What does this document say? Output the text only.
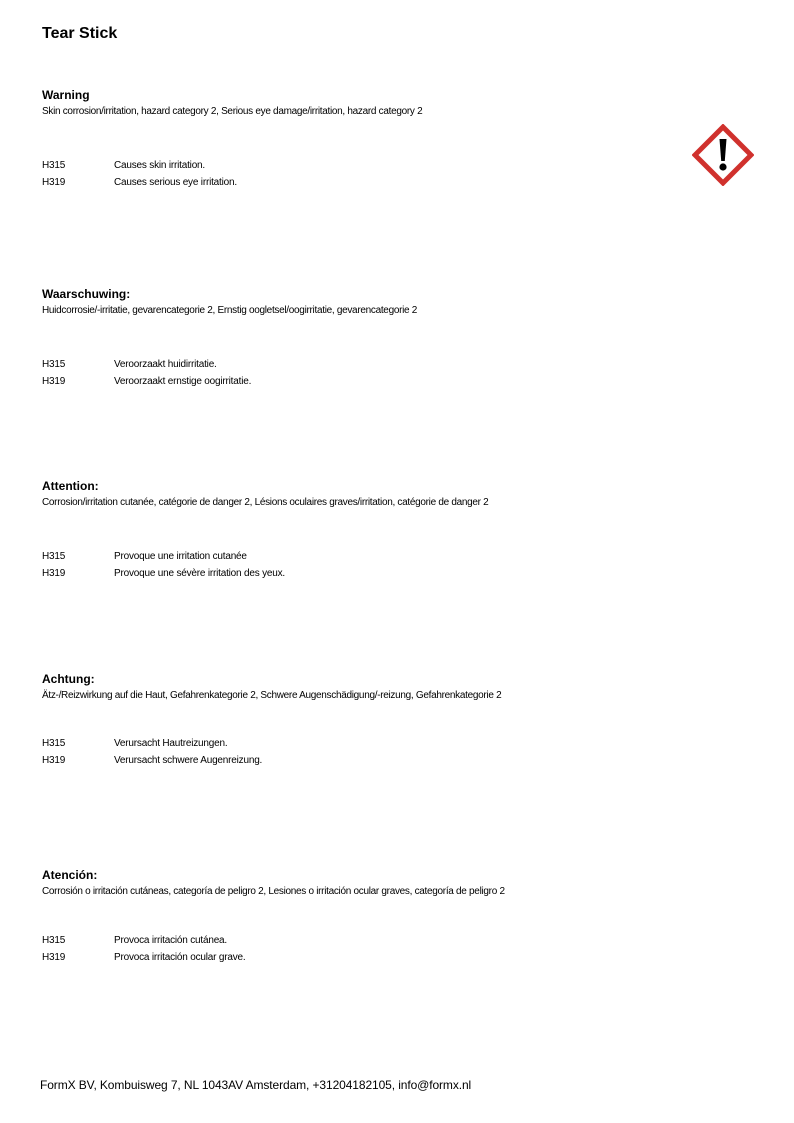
Tear Stick

Warning

Skin corrosion/irritation, hazard category 2, Serious eye damage/irritation, hazard category 2

H315	Causes skin irritation.
H319	Causes serious eye irritation.

Waarschuwing:

Huidcorrosie/-irritatie, gevarencategorie 2, Ernstig oogletsel/oogirritatie, gevarencategorie 2

H315	Veroorzaakt huidirritatie.
H319	Veroorzaakt ernstige oogirritatie.

Attention:

Corrosion/irritation cutanée, catégorie de danger 2, Lésions oculaires graves/irritation, catégorie de danger 2

H315	Provoque une irritation cutanée
H319	Provoque une sévère irritation des yeux.

Achtung:

Ätz-/Reizwirkung auf die Haut, Gefahrenkategorie 2, Schwere Augenschädigung/-reizung, Gefahrenkategorie 2

H315	Verursacht Hautreizungen.
H319	Verursacht schwere Augenreizung.

Atención:

Corrosión o irritación cutáneas, categoría de peligro 2, Lesiones o irritación ocular graves, categoría de peligro 2

H315	Provoca irritación cutánea.
H319	Provoca irritación ocular grave.
FormX BV, Kombuisweg 7, NL 1043AV Amsterdam, +31204182105, info@formx.nl
